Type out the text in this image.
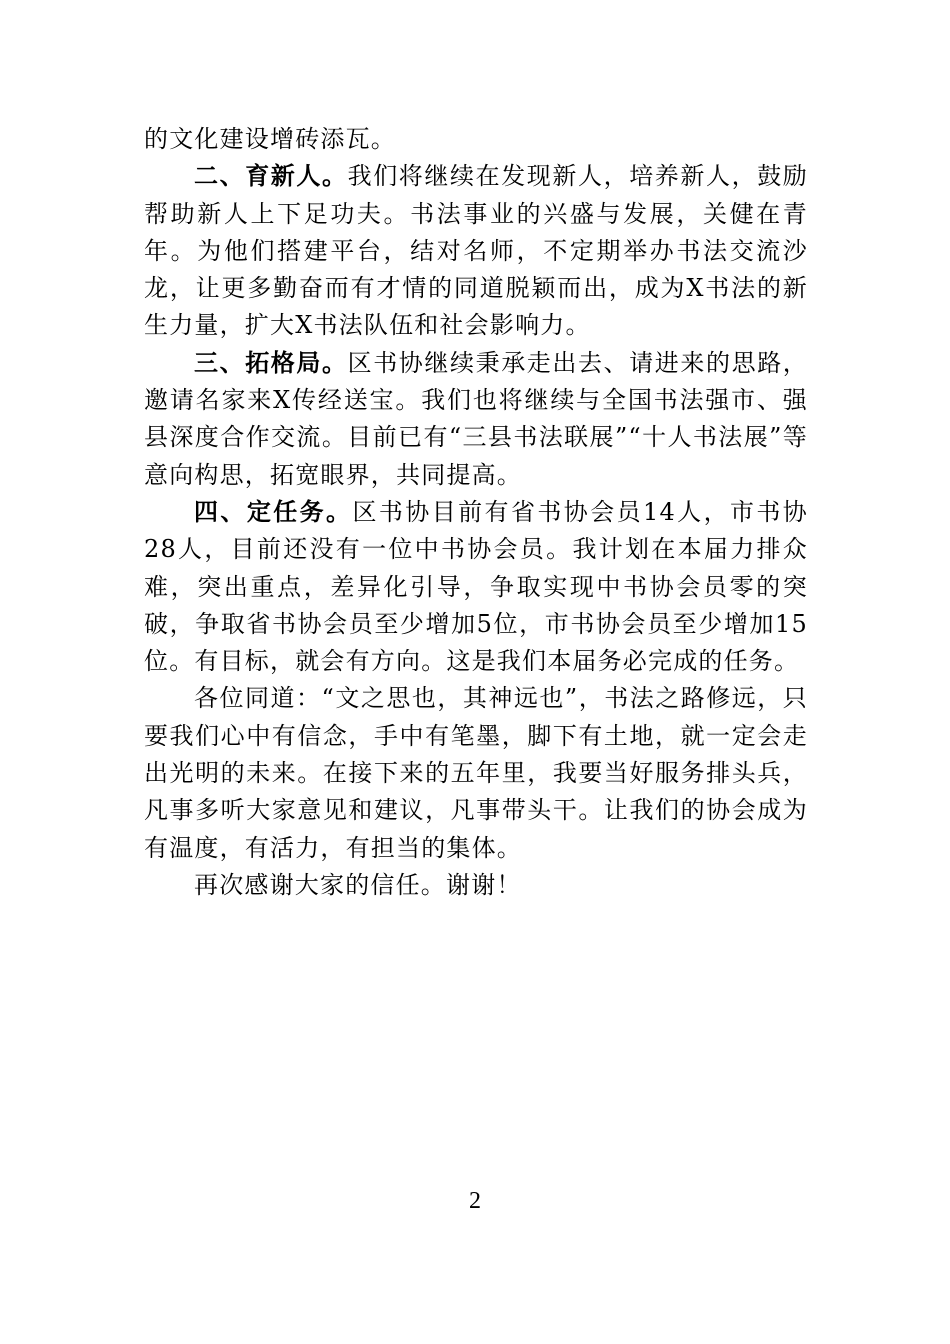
的文化建设增砖添瓦。

二、育新人。我们将继续在发现新人，培养新人，鼓励帮助新人上下足功夫。书法事业的兴盛与发展，关健在青年。为他们搭建平台，结对名师，不定期举办书法交流沙龙，让更多勤奋而有才情的同道脱颖而出，成为X书法的新生力量，扩大X书法队伍和社会影响力。

三、拓格局。区书协继续秉承走出去、请进来的思路，邀请名家来X传经送宝。我们也将继续与全国书法强市、强县深度合作交流。目前已有“三县书法联展”“十人书法展”等意向构思，拓宽眼界，共同提高。

四、定任务。区书协目前有省书协会员14人，市书协28人，目前还没有一位中书协会员。我计划在本届力排众难，突出重点，差异化引导，争取实现中书协会员零的突破，争取省书协会员至少增加5位，市书协会员至少增加15位。有目标，就会有方向。这是我们本届务必完成的任务。

各位同道：“文之思也，其神远也”，书法之路修远，只要我们心中有信念，手中有笔墨，脚下有土地，就一定会走出光明的未来。在接下来的五年里，我要当好服务排头兵，凡事多听大家意见和建议，凡事带头干。让我们的协会成为有温度，有活力，有担当的集体。

再次感谢大家的信任。谢谢！

2
